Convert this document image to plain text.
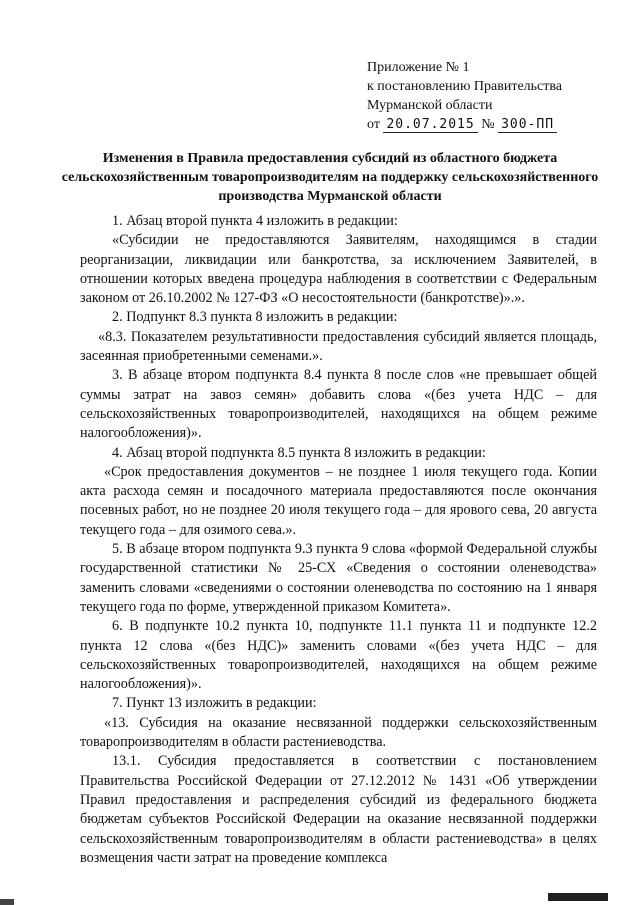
Приложение № 1
к постановлению Правительства
Мурманской области
от 20.07.2015 № 300-ПП
Изменения в Правила предоставления субсидий из областного бюджета сельскохозяйственным товаропроизводителям на поддержку сельскохозяйственного производства Мурманской области

1. Абзац второй пункта 4 изложить в редакции:

«Субсидии не предоставляются Заявителям, находящимся в стадии реорганизации, ликвидации или банкротства, за исключением Заявителей, в отношении которых введена процедура наблюдения в соответствии с Федеральным законом от 26.10.2002 № 127-ФЗ «О несостоятельности (банкротстве)».».

2. Подпункт 8.3 пункта 8 изложить в редакции:

«8.3. Показателем результативности предоставления субсидий является площадь, засеянная приобретенными семенами.».

3. В абзаце втором подпункта 8.4 пункта 8 после слов «не превышает общей суммы затрат на завоз семян» добавить слова «(без учета НДС – для сельскохозяйственных товаропроизводителей, находящихся на общем режиме налогообложения)».

4. Абзац второй подпункта 8.5 пункта 8 изложить в редакции:

«Срок предоставления документов – не позднее 1 июля текущего года. Копии акта расхода семян и посадочного материала предоставляются после окончания посевных работ, но не позднее 20 июля текущего года – для ярового сева, 20 августа текущего года – для озимого сева.».

5. В абзаце втором подпункта 9.3 пункта 9 слова «формой Федеральной службы государственной статистики № 25-СХ «Сведения о состоянии оленеводства» заменить словами «сведениями о состоянии оленеводства по состоянию на 1 января текущего года по форме, утвержденной приказом Комитета».

6. В подпункте 10.2 пункта 10, подпункте 11.1 пункта 11 и подпункте 12.2 пункта 12 слова «(без НДС)» заменить словами «(без учета НДС – для сельскохозяйственных товаропроизводителей, находящихся на общем режиме налогообложения)».

7. Пункт 13 изложить в редакции:

«13. Субсидия на оказание несвязанной поддержки сельскохозяйственным товаропроизводителям в области растениеводства.

13.1. Субсидия предоставляется в соответствии с постановлением Правительства Российской Федерации от 27.12.2012 № 1431 «Об утверждении Правил предоставления и распределения субсидий из федерального бюджета бюджетам субъектов Российской Федерации на оказание несвязанной поддержки сельскохозяйственным товаропроизводителям в области растениеводства» в целях возмещения части затрат на проведение комплекса
